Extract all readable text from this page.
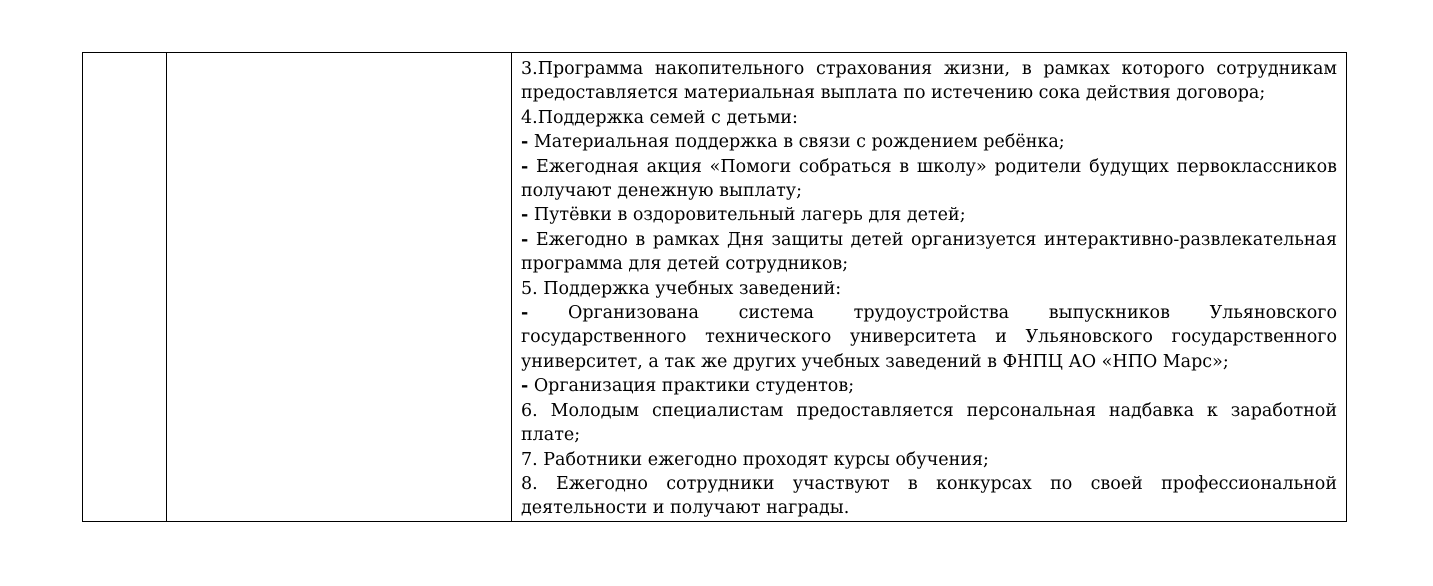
3.Программа накопительного страхования жизни, в рамках которого сотрудникам предоставляется материальная выплата по истечению сока действия договора;

4.Поддержка семей с детьми:

- Материальная поддержка в связи с рождением ребёнка;

- Ежегодная акция «Помоги собраться в школу» родители будущих первоклассников получают денежную выплату;

- Путёвки в оздоровительный лагерь для детей;

- Ежегодно в рамках Дня защиты детей организуется интерактивно-развлекательная программа для детей сотрудников;

5. Поддержка учебных заведений:

- Организована система трудоустройства выпускников Ульяновского государственного технического университета и Ульяновского государственного университет, а так же других учебных заведений в ФНПЦ АО «НПО Марс»;

- Организация практики студентов;

6. Молодым специалистам предоставляется персональная надбавка к заработной плате;

7. Работники ежегодно проходят курсы обучения;

8. Ежегодно сотрудники участвуют в конкурсах по своей профессиональной деятельности и получают награды.
